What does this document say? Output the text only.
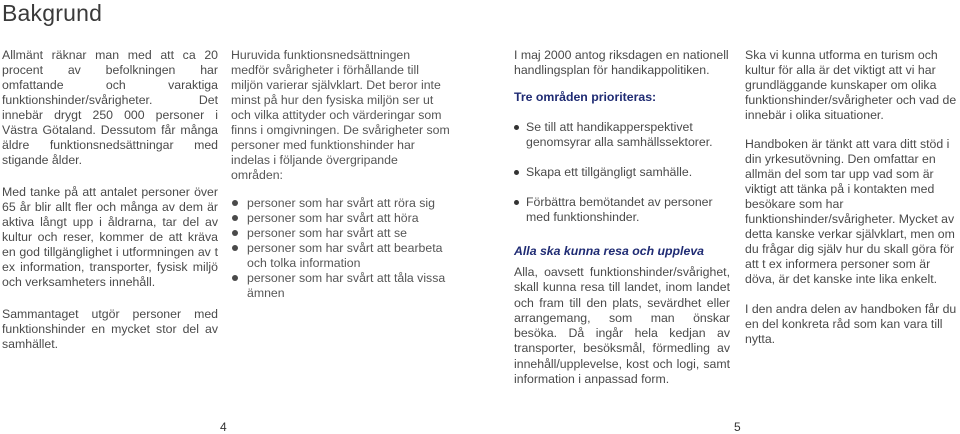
Bakgrund

Allmänt räknar man med att ca 20 procent av befolkningen har omfattande och varaktiga funktionshinder/svårigheter. Det innebär drygt 250 000 personer i Västra Götaland. Dessutom får många äldre funktionsnedsättningar med stigande ålder.

Med tanke på att antalet personer över 65 år blir allt fler och många av dem är aktiva långt upp i åldrarna, tar del av kultur och reser, kommer de att kräva en god tillgänglighet i utformningen av t ex information, transporter, fysisk miljö och verksamheters innehåll.

Sammantaget utgör personer med funktionshinder en mycket stor del av samhället.

Huruvida funktionsnedsättningen medför svårigheter i förhållande till miljön varierar självklart. Det beror inte minst på hur den fysiska miljön ser ut och vilka attityder och värderingar som finns i omgivningen. De svårigheter som personer med funktionshinder har indelas i följande övergripande områden:

personer som har svårt att röra sig
personer som har svårt att höra
personer som har svårt att se
personer som har svårt att bearbeta och tolka information
personer som har svårt att tåla vissa ämnen

I maj 2000 antog riksdagen en nationell handlingsplan för handikappolitiken.

Tre områden prioriteras:

Se till att handikapperspektivet genomsyrar alla samhällssektorer.
Skapa ett tillgängligt samhälle.
Förbättra bemötandet av personer med funktionshinder.

Alla ska kunna resa och uppleva

Alla, oavsett funktionshinder/svårighet, skall kunna resa till landet, inom landet och fram till den plats, sevärdhet eller arrangemang, som man önskar besöka. Då ingår hela kedjan av transporter, besöksmål, förmedling av innehåll/upplevelse, kost och logi, samt information i anpassad form.

Ska vi kunna utforma en turism och kultur för alla är det viktigt att vi har grundläggande kunskaper om olika funktionshinder/svårigheter och vad de innebär i olika situationer.

Handboken är tänkt att vara ditt stöd i din yrkesutövning. Den omfattar en allmän del som tar upp vad som är viktigt att tänka på i kontakten med besökare som har funktionshinder/svårigheter. Mycket av detta kanske verkar självklart, men om du frågar dig själv hur du skall göra för att t ex informera personer som är döva, är det kanske inte lika enkelt.

I den andra delen av handboken får du en del konkreta råd som kan vara till nytta.

4	5
